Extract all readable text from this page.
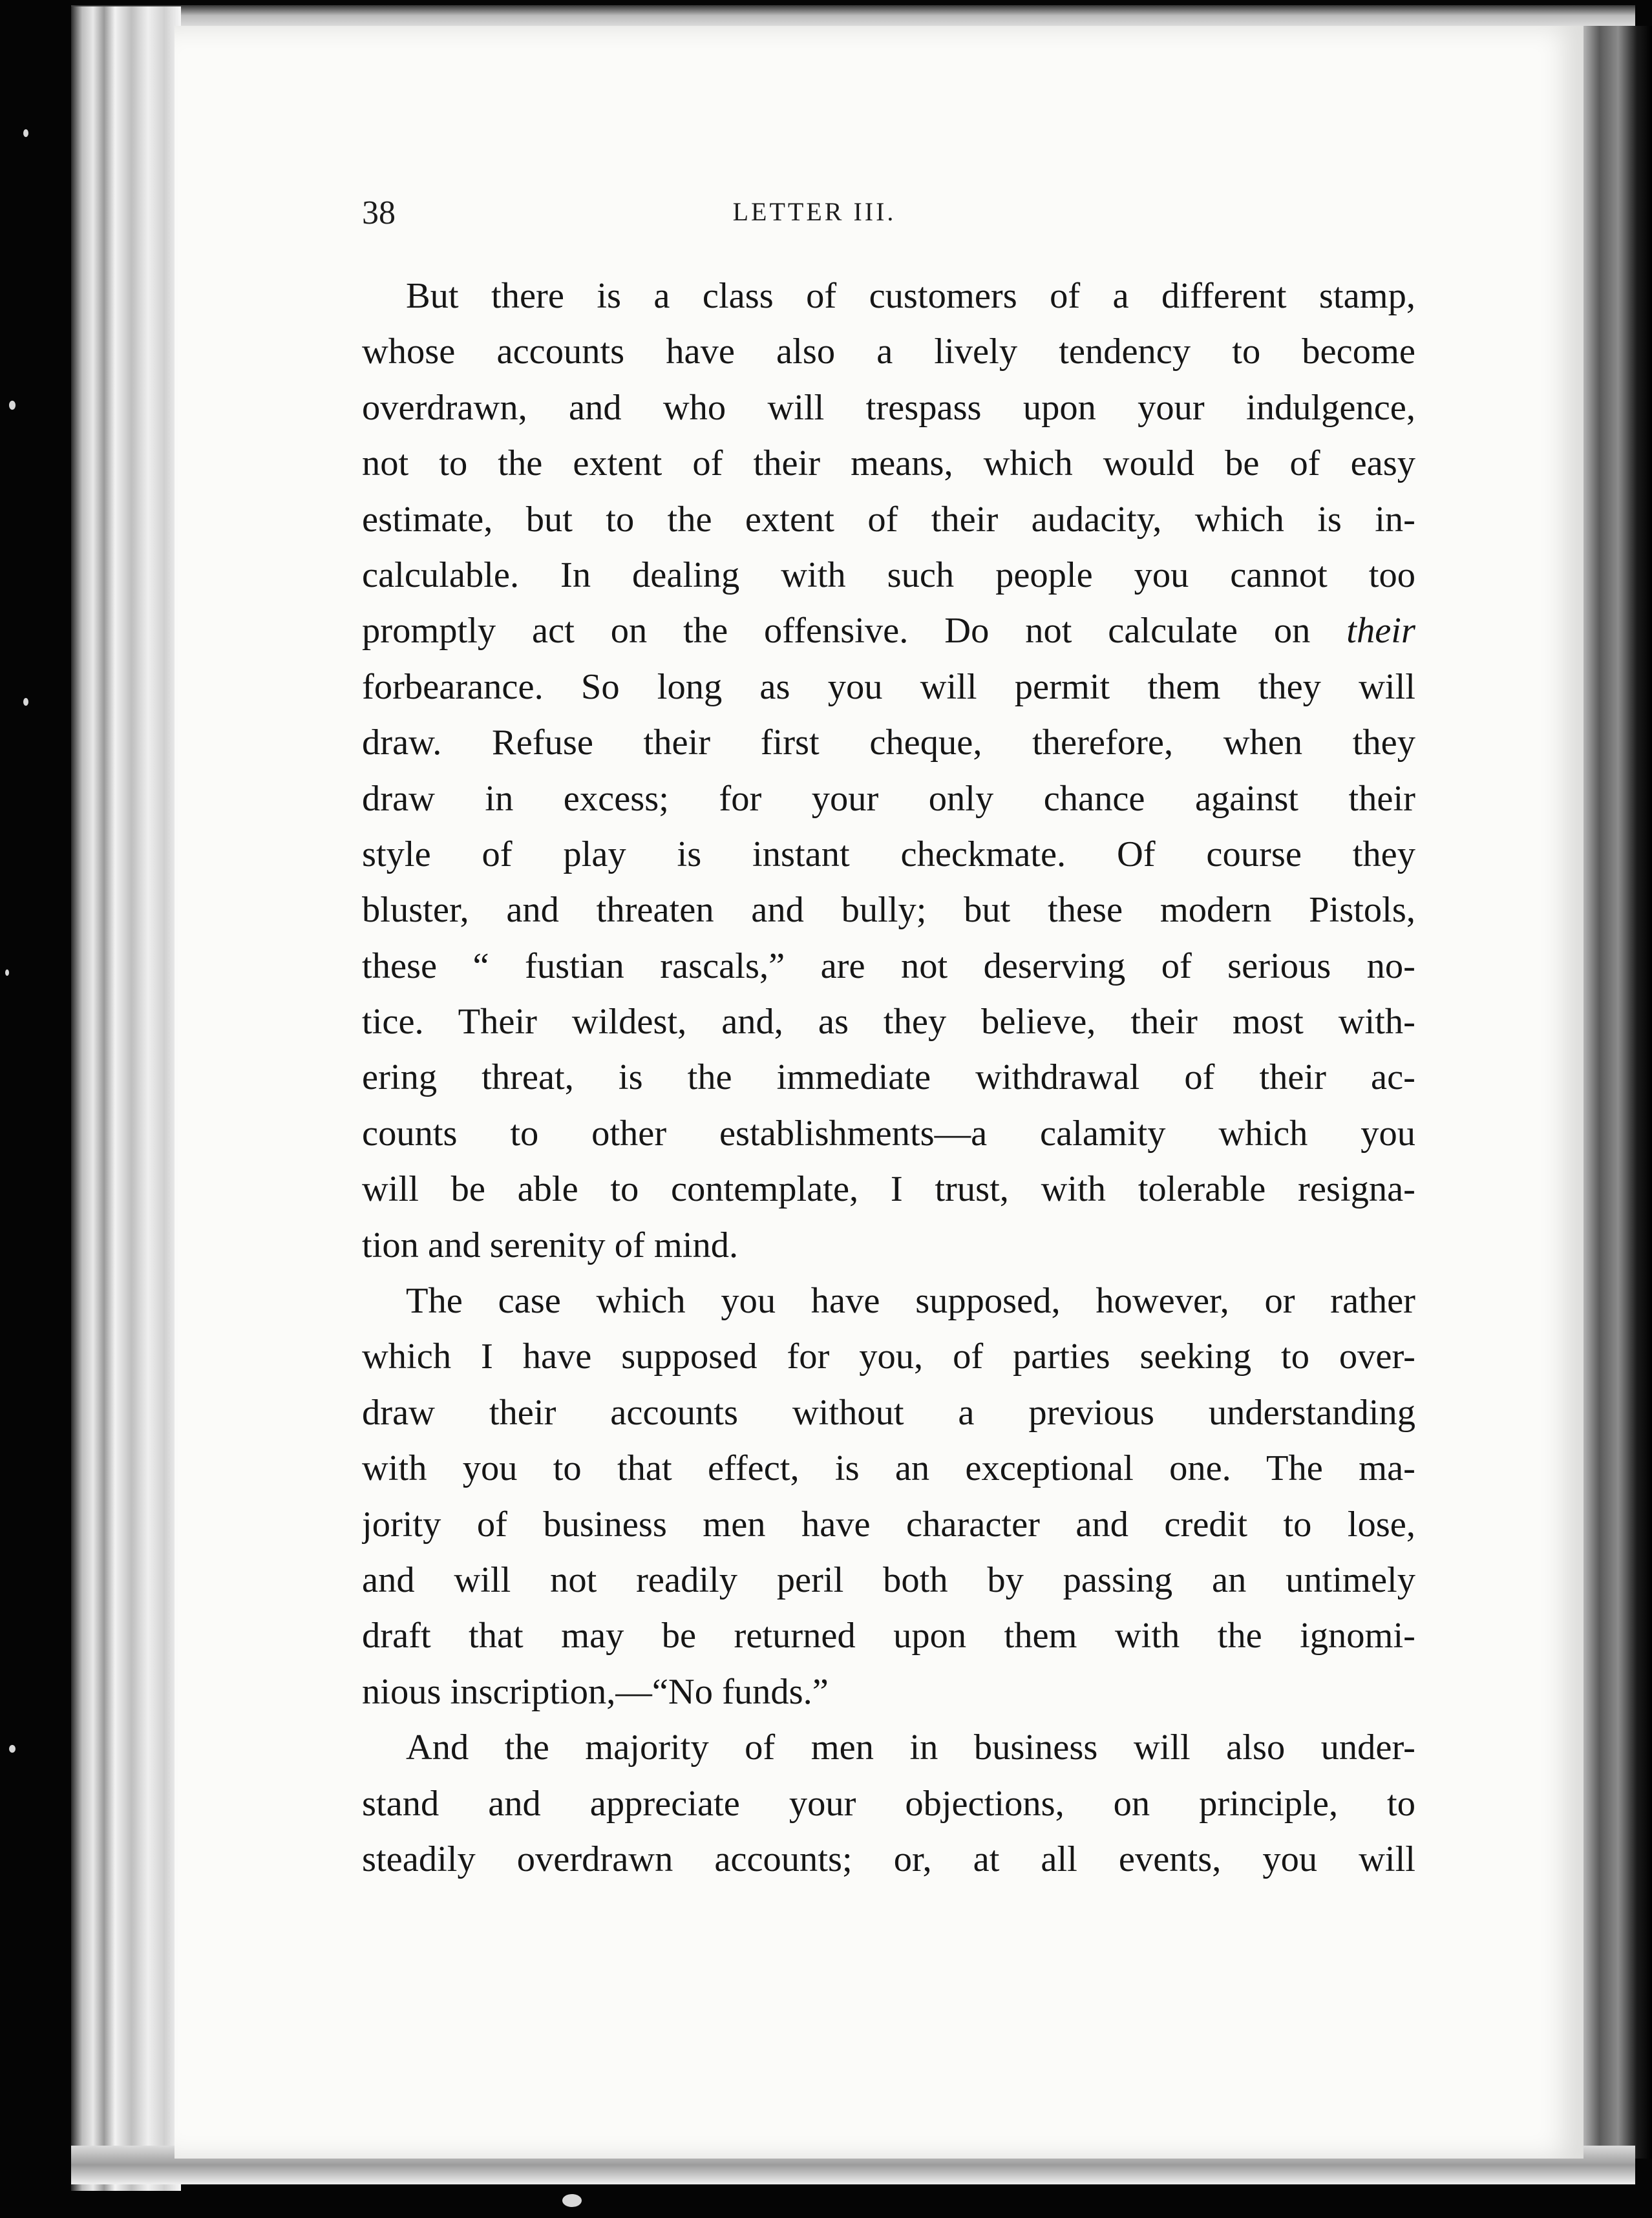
38	LETTER III.
But there is a class of customers of a different stamp,
whose accounts have also a lively tendency to become
overdrawn, and who will trespass upon your indulgence,
not to the extent of their means, which would be of easy
estimate, but to the extent of their audacity, which is in-
calculable. In dealing with such people you cannot too
promptly act on the offensive. Do not calculate on their
forbearance. So long as you will permit them they will
draw. Refuse their first cheque, therefore, when they
draw in excess; for your only chance against their
style of play is instant checkmate. Of course they
bluster, and threaten and bully; but these modern Pistols,
these “ fustian rascals,” are not deserving of serious no-
tice. Their wildest, and, as they believe, their most with-
ering threat, is the immediate withdrawal of their ac-
counts to other establishments—a calamity which you
will be able to contemplate, I trust, with tolerable resigna-
tion and serenity of mind.
The case which you have supposed, however, or rather
which I have supposed for you, of parties seeking to over-
draw their accounts without a previous understanding
with you to that effect, is an exceptional one. The ma-
jority of business men have character and credit to lose,
and will not readily peril both by passing an untimely
draft that may be returned upon them with the ignomi-
nious inscription,—“No funds.”
And the majority of men in business will also under-
stand and appreciate your objections, on principle, to
steadily overdrawn accounts; or, at all events, you will
